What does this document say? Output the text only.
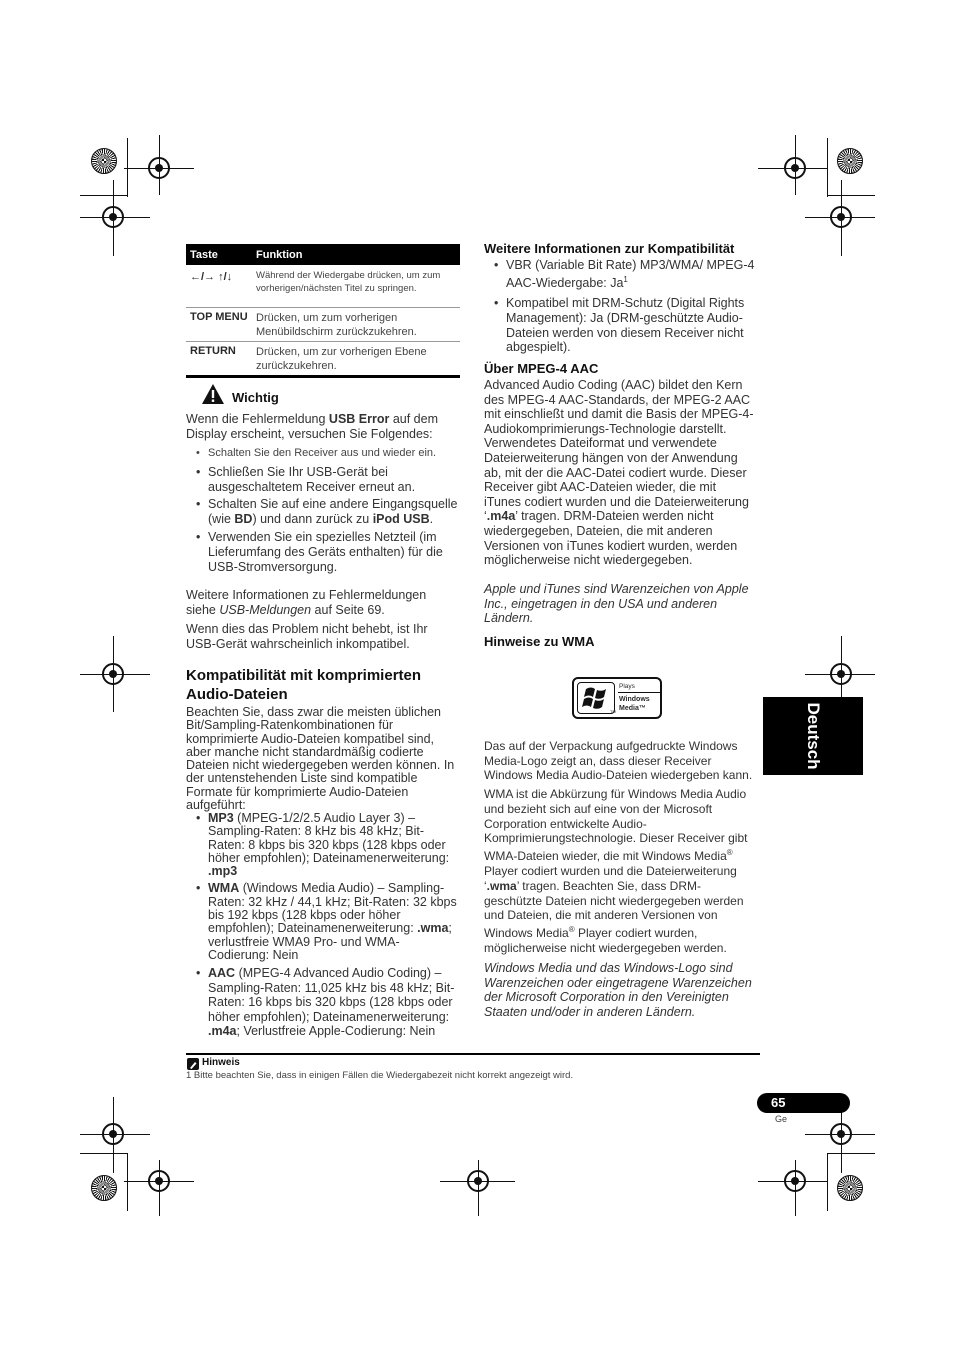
Taste	Funktion
←/→ ↑/↓	Während der Wiedergabe drücken, um zum vorherigen/nächsten Titel zu springen.
TOP MENU Drücken, um zum vorherigen Menübildschirm zurückzukehren.
RETURN	Drücken, um zur vorherigen Ebene zurückzukehren.
Wichtig
Wenn die Fehlermeldung USB Error auf dem Display erscheint, versuchen Sie Folgendes:
• Schalten Sie den Receiver aus und wieder ein.
• Schließen Sie Ihr USB-Gerät bei ausgeschaltetem Receiver erneut an.
• Schalten Sie auf eine andere Eingangsquelle (wie BD) und dann zurück zu iPod USB.
• Verwenden Sie ein spezielles Netzteil (im Lieferumfang des Geräts enthalten) für die USB-Stromversorgung.
Weitere Informationen zu Fehlermeldungen siehe USB-Meldungen auf Seite 69.
Wenn dies das Problem nicht behebt, ist Ihr USB-Gerät wahrscheinlich inkompatibel.
Kompatibilität mit komprimierten Audio-Dateien
Beachten Sie, dass zwar die meisten üblichen Bit/Sampling-Ratenkombinationen für komprimierte Audio-Dateien kompatibel sind, aber manche nicht standardmäßig codierte Dateien nicht wiedergegeben werden können. In der untenstehenden Liste sind kompatible Formate für komprimierte Audio-Dateien aufgeführt:
• MP3 (MPEG-1/2/2.5 Audio Layer 3) – Sampling-Raten: 8 kHz bis 48 kHz; Bit-Raten: 8 kbps bis 320 kbps (128 kbps oder höher empfohlen); Dateinamenerweiterung: .mp3
• WMA (Windows Media Audio) – Sampling-Raten: 32 kHz / 44,1 kHz; Bit-Raten: 32 kbps bis 192 kbps (128 kbps oder höher empfohlen); Dateinamenerweiterung: .wma; verlustfreie WMA9 Pro- und WMA-Codierung: Nein
• AAC (MPEG-4 Advanced Audio Coding) – Sampling-Raten: 11,025 kHz bis 48 kHz; Bit-Raten: 16 kbps bis 320 kbps (128 kbps oder höher empfohlen); Dateinamenerweiterung: .m4a; Verlustfreie Apple-Codierung: Nein
Weitere Informationen zur Kompatibilität
• VBR (Variable Bit Rate) MP3/WMA/ MPEG-4 AAC-Wiedergabe: Ja$^1$
• Kompatibel mit DRM-Schutz (Digital Rights Management): Ja (DRM-geschützte Audio-Dateien werden von diesem Receiver nicht abgespielt).
Über MPEG-4 AAC
Advanced Audio Coding (AAC) bildet den Kern des MPEG-4 AAC-Standards, der MPEG-2 AAC mit einschließt und damit die Basis der MPEG-4-Audiokomprimierungs-Technologie darstellt. Verwendetes Dateiformat und verwendete Dateierweiterung hängen von der Anwendung ab, mit der die AAC-Datei codiert wurde. Dieser Receiver gibt AAC-Dateien wieder, die mit iTunes codiert wurden und die Dateierweiterung ‘.m4a’ tragen. DRM-Dateien werden nicht wiedergegeben, Dateien, die mit anderen Versionen von iTunes kodiert wurden, werden möglicherweise nicht wiedergegeben.
Apple und iTunes sind Warenzeichen von Apple Inc., eingetragen in den USA und anderen Ländern.
Hinweise zu WMA
TM
Plays
Windows
Media™
Das auf der Verpackung aufgedruckte Windows Media-Logo zeigt an, dass dieser Receiver Windows Media Audio-Dateien wiedergeben kann.
WMA ist die Abkürzung für Windows Media Audio und bezieht sich auf eine von der Microsoft Corporation entwickelte Audio-Komprimierungstechnologie. Dieser Receiver gibt WMA-Dateien wieder, die mit Windows Media® Player codiert wurden und die Dateierweiterung ‘.wma’ tragen. Beachten Sie, dass DRM-geschützte Dateien nicht wiedergegeben werden und Dateien, die mit anderen Versionen von Windows Media® Player codiert wurden, möglicherweise nicht wiedergegeben werden.
Windows Media und das Windows-Logo sind Warenzeichen oder eingetragene Warenzeichen der Microsoft Corporation in den Vereinigten Staaten und/oder in anderen Ländern.
Hinweis
1 Bitte beachten Sie, dass in einigen Fällen die Wiedergabezeit nicht korrekt angezeigt wird.
Deutsch
65
Ge
